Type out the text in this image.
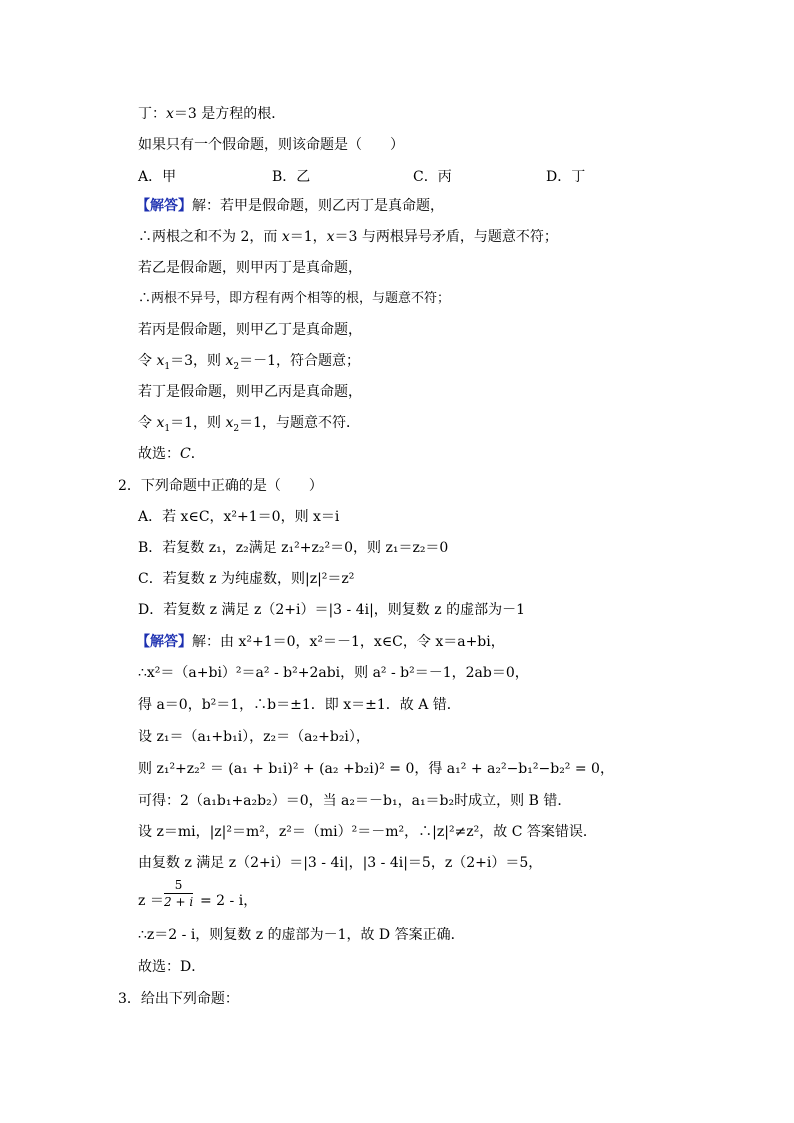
丁：x＝3 是方程的根．
如果只有一个假命题，则该命题是（　　）
A．甲	B．乙	C．丙	D．丁
【解答】解：若甲是假命题，则乙丙丁是真命题，
∴两根之和不为 2，而 x＝1，x＝3 与两根异号矛盾，与题意不符；
若乙是假命题，则甲丙丁是真命题，
∴两根不异号，即方程有两个相等的根，与题意不符；
若丙是假命题，则甲乙丁是真命题，
令 $x_1=3$，则 $x_2=-1$，符合题意；
若丁是假命题，则甲乙丙是真命题，
令 $x_1=1$，则 $x_2=1$，与题意不符．
故选：C．
2．下列命题中正确的是（　　）
A．若 x∈C，x²+1＝0，则 x＝i
B．若复数 z₁，z₂满足 z₁²+z₂²＝0，则 z₁＝z₂＝0
C．若复数 z 为纯虚数，则|z|²＝z²
D．若复数 z 满足 z（2+i）＝|3 - 4i|，则复数 z 的虚部为－1
【解答】解：由 x²+1＝0，x²＝－1，x∈C，令 x＝a+bi，
∴x²＝（a+bi）²＝a² - b²+2abi，则 a² - b²＝－1，2ab＝0，
得 a＝0，b²＝1，∴b＝±1．即 x＝±1．故 A 错．
设 z₁＝（a₁+b₁i），z₂＝（a₂+b₂i），
则 z₁²+z₂² ＝ (a₁ + b₁i)² + (a₂ +b₂i)² = 0，得 a₁² + a₂²−b₁²−b₂² = 0，
可得：2（a₁b₁+a₂b₂）＝0，当 a₂＝－b₁，a₁＝b₂时成立，则 B 错．
设 z＝mi，|z|²＝m²，z²＝（mi）²＝－m²，∴|z|²≠z²，故 C 答案错误．
由复数 z 满足 z（2+i）＝|3 - 4i|，|3 - 4i|＝5，z（2+i）＝5，
z ＝
5
2 + i = 2 - i，
∴z＝2 - i，则复数 z 的虚部为－1，故 D 答案正确．
故选：D．
3．给出下列命题：
